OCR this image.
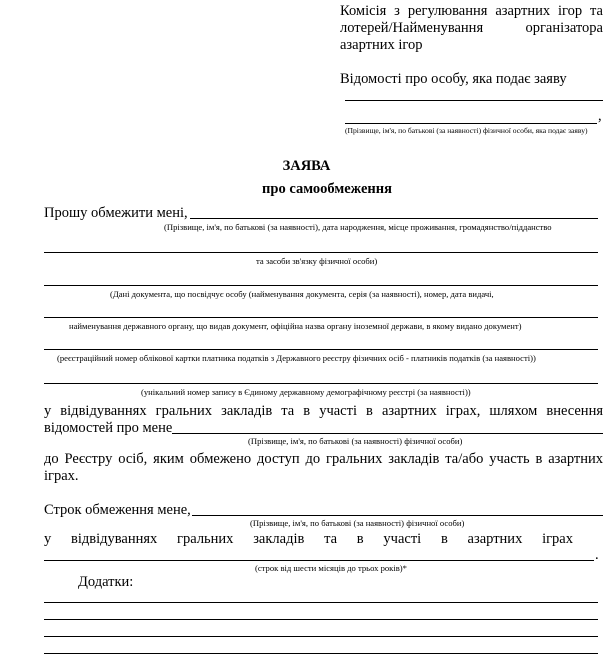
Комісія з регулювання азартних ігор та
лотерей/Найменування організатора
азартних ігор
Відомості про особу, яка подає заяву
,
(Прізвище, ім'я, по батькові (за наявності) фізичної особи, яка подає заяву)
ЗАЯВА
про самообмеження
Прошу обмежити мені,
(Прізвище, ім'я, по батькові (за наявності), дата народження, місце проживання, громадянство/підданство
та засоби зв'язку фізичної особи)
(Дані документа, що посвідчує особу (найменування документа, серія (за наявності), номер, дата видачі,
найменування державного органу, що видав документ, офіційна назва органу іноземної держави, в якому видано документ)
(реєстраційний номер облікової картки платника податків з Державного реєстру фізичних осіб - платників податків (за наявності))
(унікальний номер запису в Єдиному державному демографічному реєстрі (за наявності))
у відвідуваннях гральних закладів та в участі в азартних іграх, шляхом внесення
відомостей про мене
(Прізвище, ім'я, по батькові (за наявності) фізичної особи)
до Реєстру осіб, яким обмежено доступ до гральних закладів та/або участь в азартних
іграх.
Строк обмеження мене,
(Прізвище, ім'я, по батькові (за наявності) фізичної особи)
у відвідуваннях гральних закладів та в участі в азартних іграх
.
(строк від шести місяців до трьох років)*
Додатки:
